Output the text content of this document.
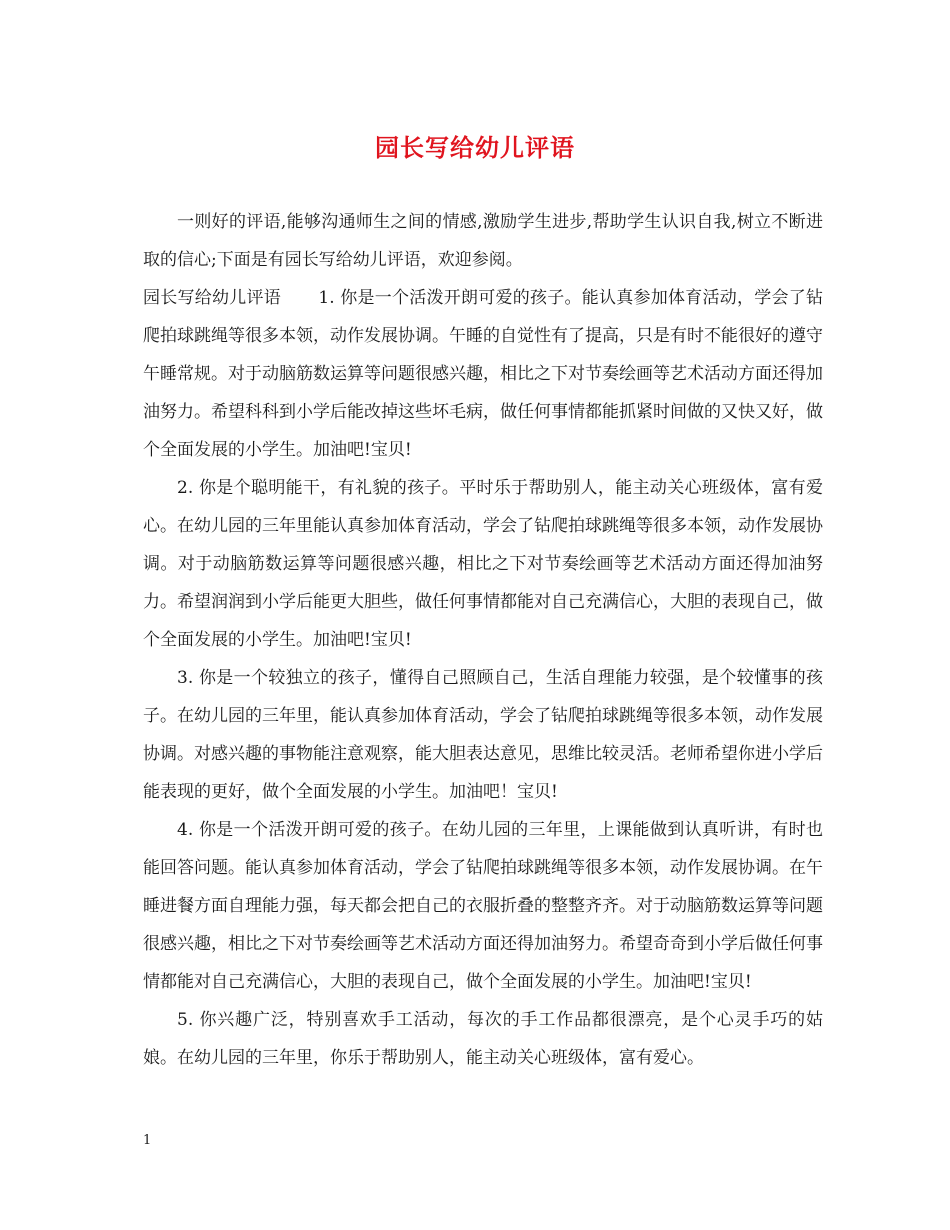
园长写给幼儿评语

一则好的评语,能够沟通师生之间的情感,激励学生进步,帮助学生认识自我,树立不断进取的信心;下面是有园长写给幼儿评语，欢迎参阅。

园长写给幼儿评语 1. 你是一个活泼开朗可爱的孩子。能认真参加体育活动，学会了钻爬拍球跳绳等很多本领，动作发展协调。午睡的自觉性有了提高，只是有时不能很好的遵守午睡常规。对于动脑筋数运算等问题很感兴趣，相比之下对节奏绘画等艺术活动方面还得加油努力。希望科科到小学后能改掉这些坏毛病，做任何事情都能抓紧时间做的又快又好，做个全面发展的小学生。加油吧!宝贝!

2. 你是个聪明能干，有礼貌的孩子。平时乐于帮助别人，能主动关心班级体，富有爱心。在幼儿园的三年里能认真参加体育活动，学会了钻爬拍球跳绳等很多本领，动作发展协调。对于动脑筋数运算等问题很感兴趣，相比之下对节奏绘画等艺术活动方面还得加油努力。希望润润到小学后能更大胆些，做任何事情都能对自己充满信心，大胆的表现自己，做个全面发展的小学生。加油吧!宝贝!

3. 你是一个较独立的孩子，懂得自己照顾自己，生活自理能力较强，是个较懂事的孩子。在幼儿园的三年里，能认真参加体育活动，学会了钻爬拍球跳绳等很多本领，动作发展协调。对感兴趣的事物能注意观察，能大胆表达意见，思维比较灵活。老师希望你进小学后能表现的更好，做个全面发展的小学生。加油吧！宝贝!

4. 你是一个活泼开朗可爱的孩子。在幼儿园的三年里，上课能做到认真听讲，有时也能回答问题。能认真参加体育活动，学会了钻爬拍球跳绳等很多本领，动作发展协调。在午睡进餐方面自理能力强，每天都会把自己的衣服折叠的整整齐齐。对于动脑筋数运算等问题很感兴趣，相比之下对节奏绘画等艺术活动方面还得加油努力。希望奇奇到小学后做任何事情都能对自己充满信心，大胆的表现自己，做个全面发展的小学生。加油吧!宝贝!

5. 你兴趣广泛，特别喜欢手工活动，每次的手工作品都很漂亮，是个心灵手巧的姑娘。在幼儿园的三年里，你乐于帮助别人，能主动关心班级体，富有爱心。

1
